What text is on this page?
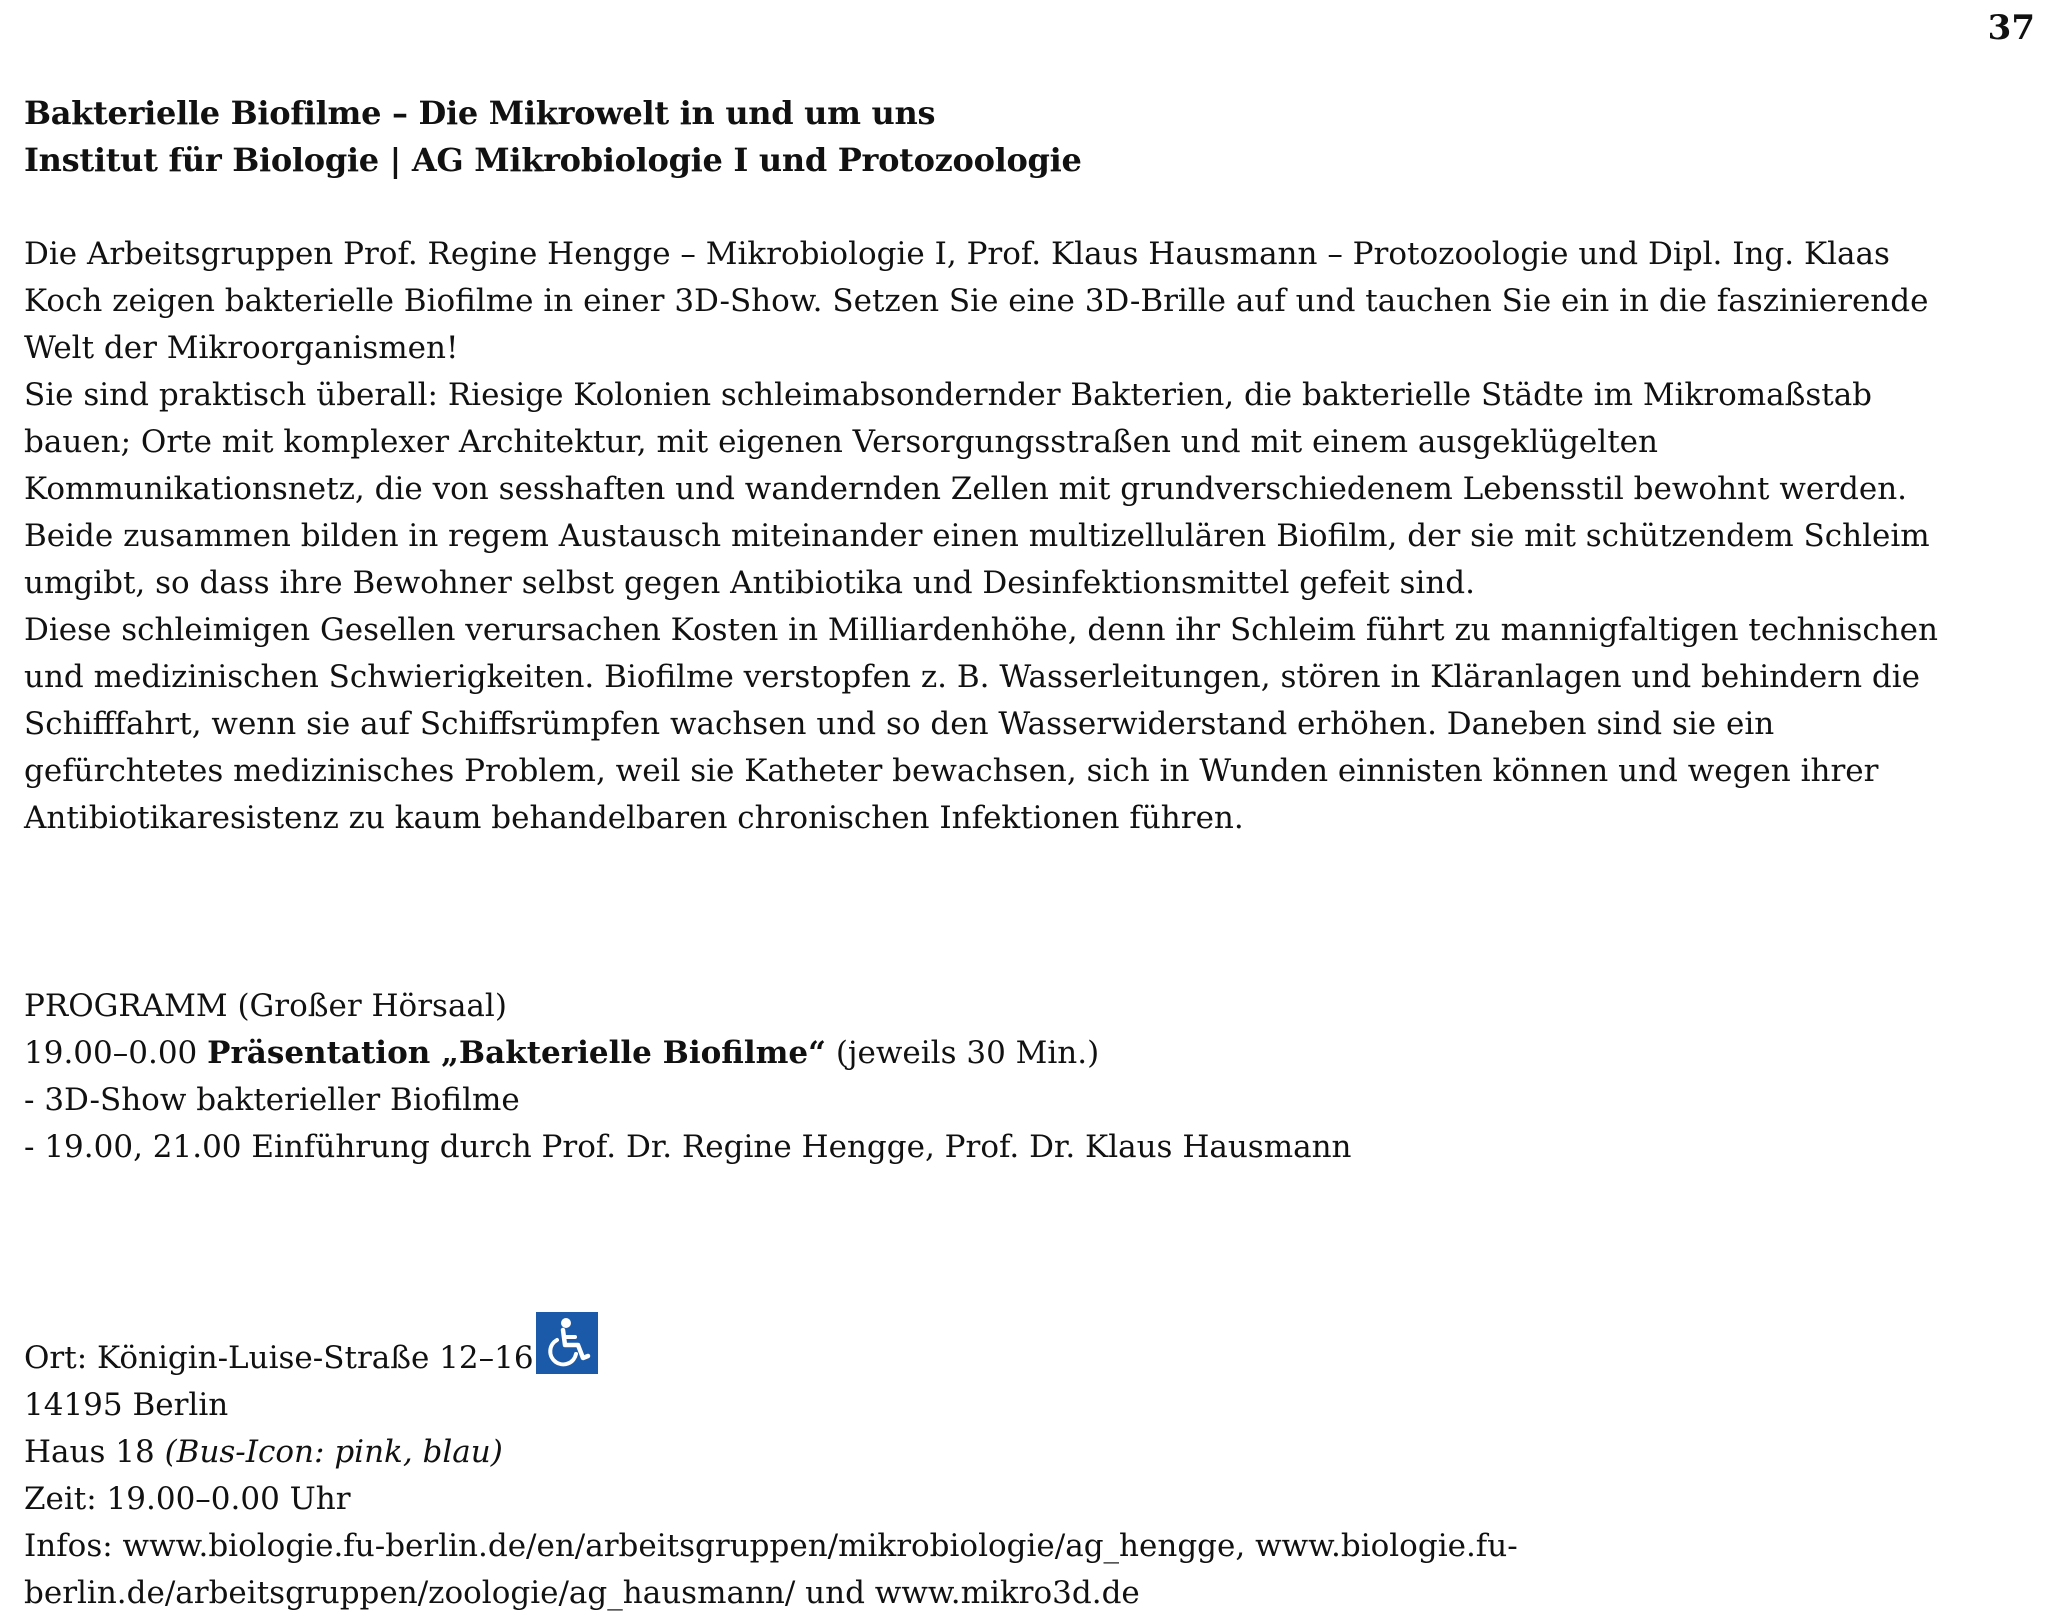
37
Bakterielle Biofilme – Die Mikrowelt in und um uns
Institut für Biologie | AG Mikrobiologie I und Protozoologie

Die Arbeitsgruppen Prof. Regine Hengge – Mikrobiologie I, Prof. Klaus Hausmann – Protozoologie und Dipl. Ing. Klaas
Koch zeigen bakterielle Biofilme in einer 3D-Show. Setzen Sie eine 3D-Brille auf und tauchen Sie ein in die faszinierende
Welt der Mikroorganismen!

Sie sind praktisch überall: Riesige Kolonien schleimabsondernder Bakterien, die bakterielle Städte im Mikromaßstab
bauen; Orte mit komplexer Architektur, mit eigenen Versorgungsstraßen und mit einem ausgeklügelten
Kommunikationsnetz, die von sesshaften und wandernden Zellen mit grundverschiedenem Lebensstil bewohnt werden.
Beide zusammen bilden in regem Austausch miteinander einen multizellulären Biofilm, der sie mit schützendem Schleim
umgibt, so dass ihre Bewohner selbst gegen Antibiotika und Desinfektionsmittel gefeit sind.

Diese schleimigen Gesellen verursachen Kosten in Milliardenhöhe, denn ihr Schleim führt zu mannigfaltigen technischen
und medizinischen Schwierigkeiten. Biofilme verstopfen z. B. Wasserleitungen, stören in Kläranlagen und behindern die
Schifffahrt, wenn sie auf Schiffsrümpfen wachsen und so den Wasserwiderstand erhöhen. Daneben sind sie ein
gefürchtetes medizinisches Problem, weil sie Katheter bewachsen, sich in Wunden einnisten können und wegen ihrer
Antibiotikaresistenz zu kaum behandelbaren chronischen Infektionen führen.

PROGRAMM (Großer Hörsaal)
19.00–0.00 Präsentation „Bakterielle Biofilme“ (jeweils 30 Min.)
- 3D-Show bakterieller Biofilme
- 19.00, 21.00 Einführung durch Prof. Dr. Regine Hengge, Prof. Dr. Klaus Hausmann
Ort: Königin-Luise-Straße 12–16
14195 Berlin
Haus 18 (Bus-Icon: pink, blau)
Zeit: 19.00–0.00 Uhr
Infos: www.biologie.fu-berlin.de/en/arbeitsgruppen/mikrobiologie/ag_hengge, www.biologie.fu-
berlin.de/arbeitsgruppen/zoologie/ag_hausmann/ und www.mikro3d.de
